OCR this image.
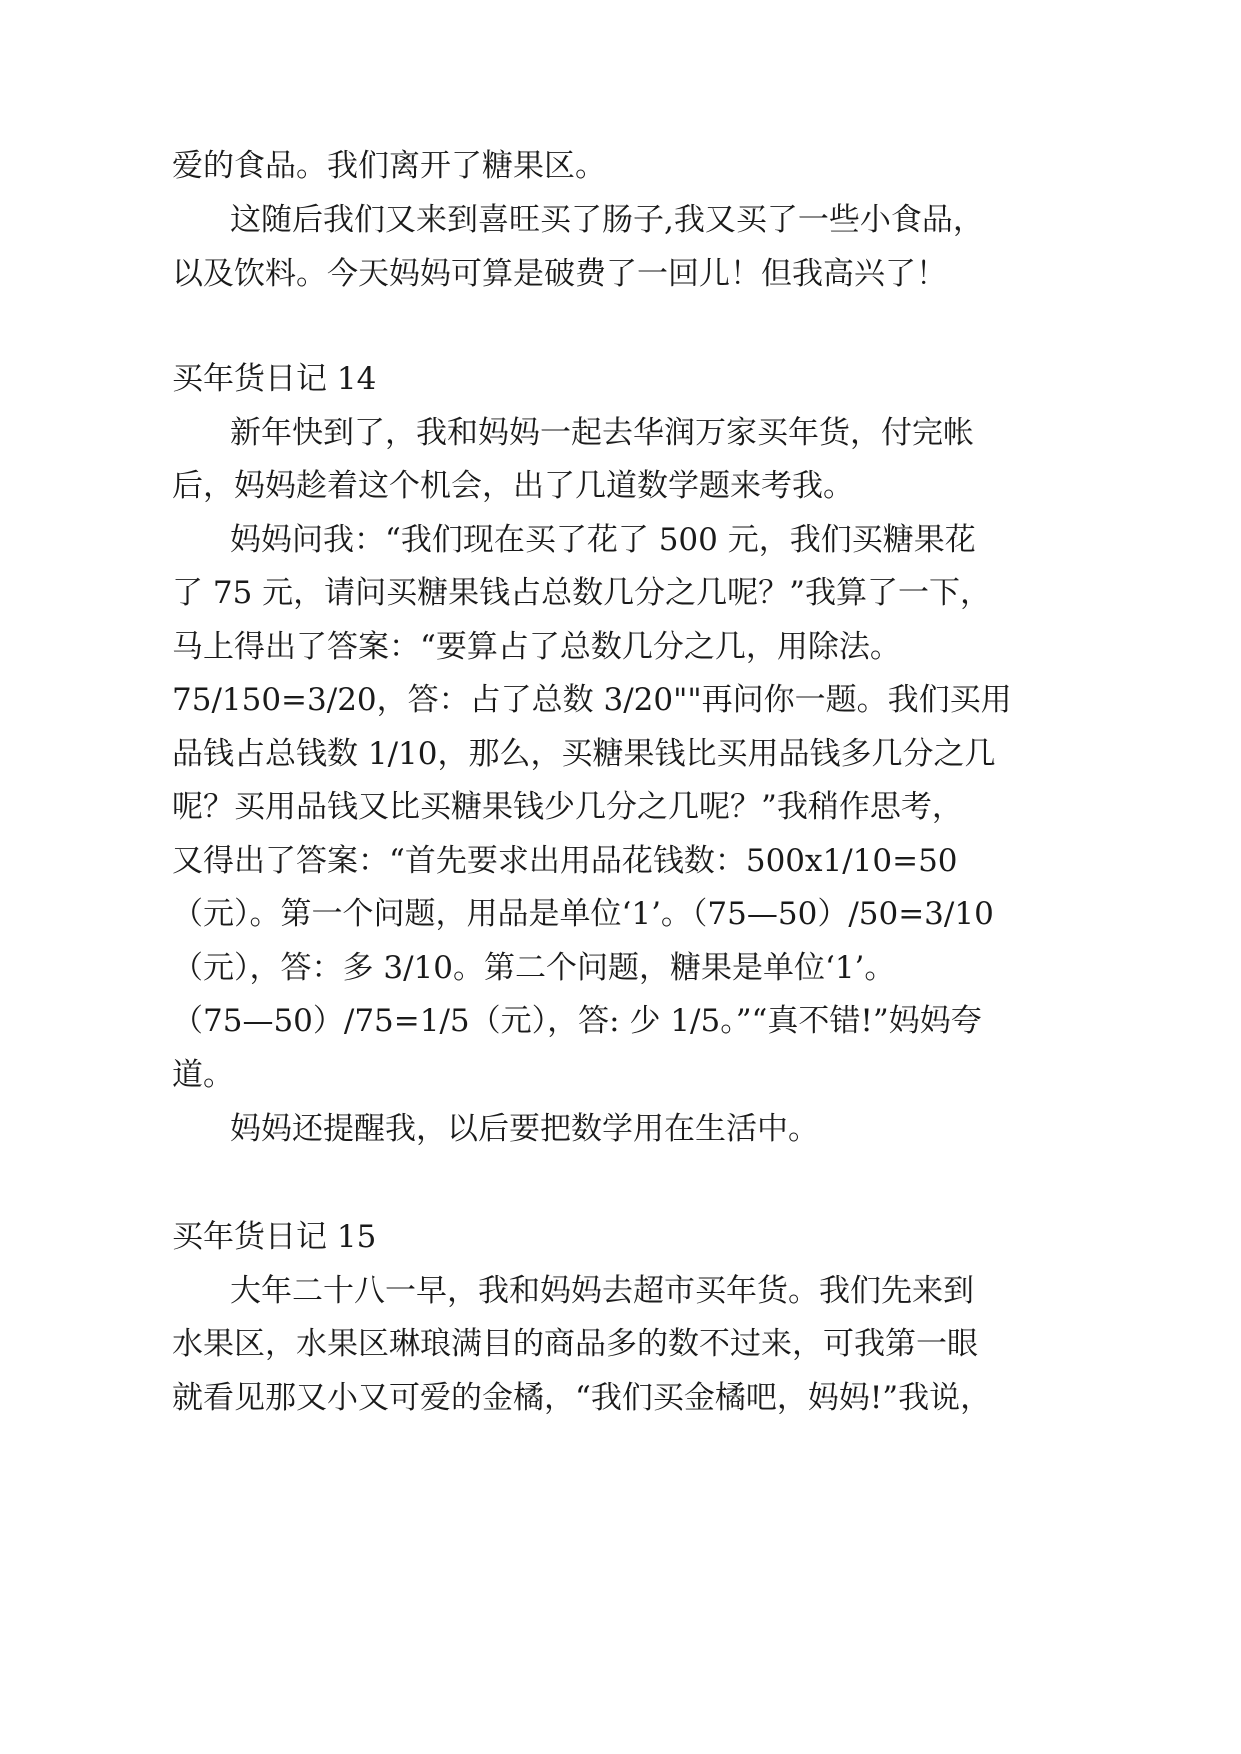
爱的食品。我们离开了糖果区。
这随后我们又来到喜旺买了肠子,我又买了一些小食品，
以及饮料。今天妈妈可算是破费了一回儿！但我高兴了！
买年货日记 14
新年快到了，我和妈妈一起去华润万家买年货，付完帐
后，妈妈趁着这个机会，出了几道数学题来考我。
妈妈问我：“我们现在买了花了 500 元，我们买糖果花
了 75 元，请问买糖果钱占总数几分之几呢？”我算了一下，
马上得出了答案：“要算占了总数几分之几，用除法。
75/150=3/20，答：占了总数 3/20""再问你一题。我们买用
品钱占总钱数 1/10，那么，买糖果钱比买用品钱多几分之几
呢？买用品钱又比买糖果钱少几分之几呢？”我稍作思考，
又得出了答案：“首先要求出用品花钱数：500x1/10=50
（元）。第一个问题，用品是单位‘1’。（75—50）/50=3/10
（元），答：多 3/10。第二个问题，糖果是单位‘1’。
（75—50）/75=1/5（元），答: 少 1/5。”“真不错!”妈妈夸
道。
妈妈还提醒我，以后要把数学用在生活中。
买年货日记 15
大年二十八一早，我和妈妈去超市买年货。我们先来到
水果区，水果区琳琅满目的商品多的数不过来，可我第一眼
就看见那又小又可爱的金橘，“我们买金橘吧，妈妈!”我说，
